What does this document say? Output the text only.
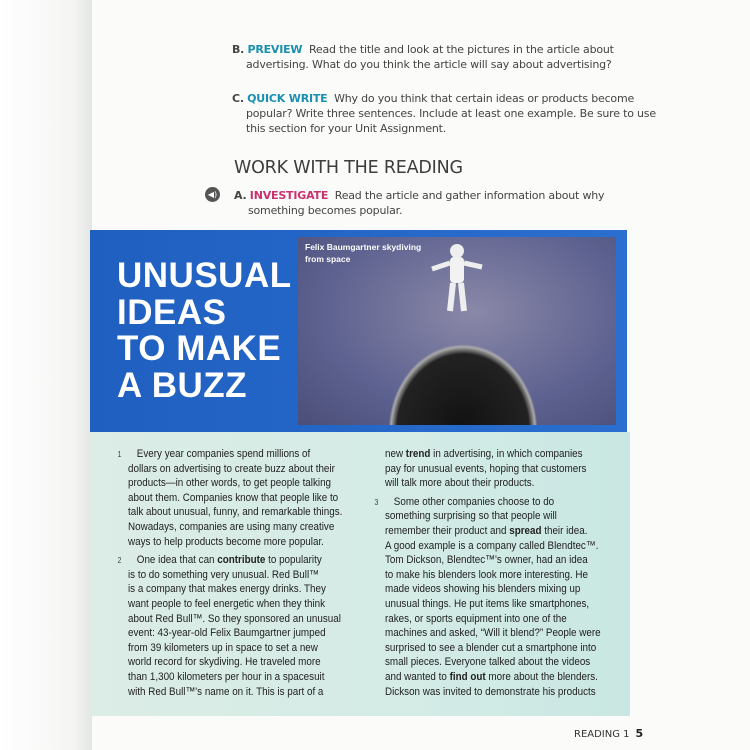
B. PREVIEW Read the title and look at the pictures in the article about
advertising. What do you think the article will say about advertising?
C. QUICK WRITE Why do you think that certain ideas or products become
popular? Write three sentences. Include at least one example. Be sure to use
this section for your Unit Assignment.
WORK WITH THE READING
◀) A. INVESTIGATE Read the article and gather information about why
something becomes popular.
UNUSUAL
IDEAS
TO MAKE
A BUZZ
Felix Baumgartner skydiving
from space
1 Every year companies spend millions of
dollars on advertising to create buzz about their
products—in other words, to get people talking
about them. Companies know that people like to
talk about unusual, funny, and remarkable things.
Nowadays, companies are using many creative
ways to help products become more popular.
2 One idea that can contribute to popularity
is to do something very unusual. Red Bull™
is a company that makes energy drinks. They
want people to feel energetic when they think
about Red Bull™. So they sponsored an unusual
event: 43-year-old Felix Baumgartner jumped
from 39 kilometers up in space to set a new
world record for skydiving. He traveled more
than 1,300 kilometers per hour in a spacesuit
with Red Bull™'s name on it. This is part of a
new trend in advertising, in which companies
pay for unusual events, hoping that customers
will talk more about their products.
3 Some other companies choose to do
something surprising so that people will
remember their product and spread their idea.
A good example is a company called Blendtec™.
Tom Dickson, Blendtec™'s owner, had an idea
to make his blenders look more interesting. He
made videos showing his blenders mixing up
unusual things. He put items like smartphones,
rakes, or sports equipment into one of the
machines and asked, “Will it blend?” People were
surprised to see a blender cut a smartphone into
small pieces. Everyone talked about the videos
and wanted to find out more about the blenders.
Dickson was invited to demonstrate his products
READING 1 5
